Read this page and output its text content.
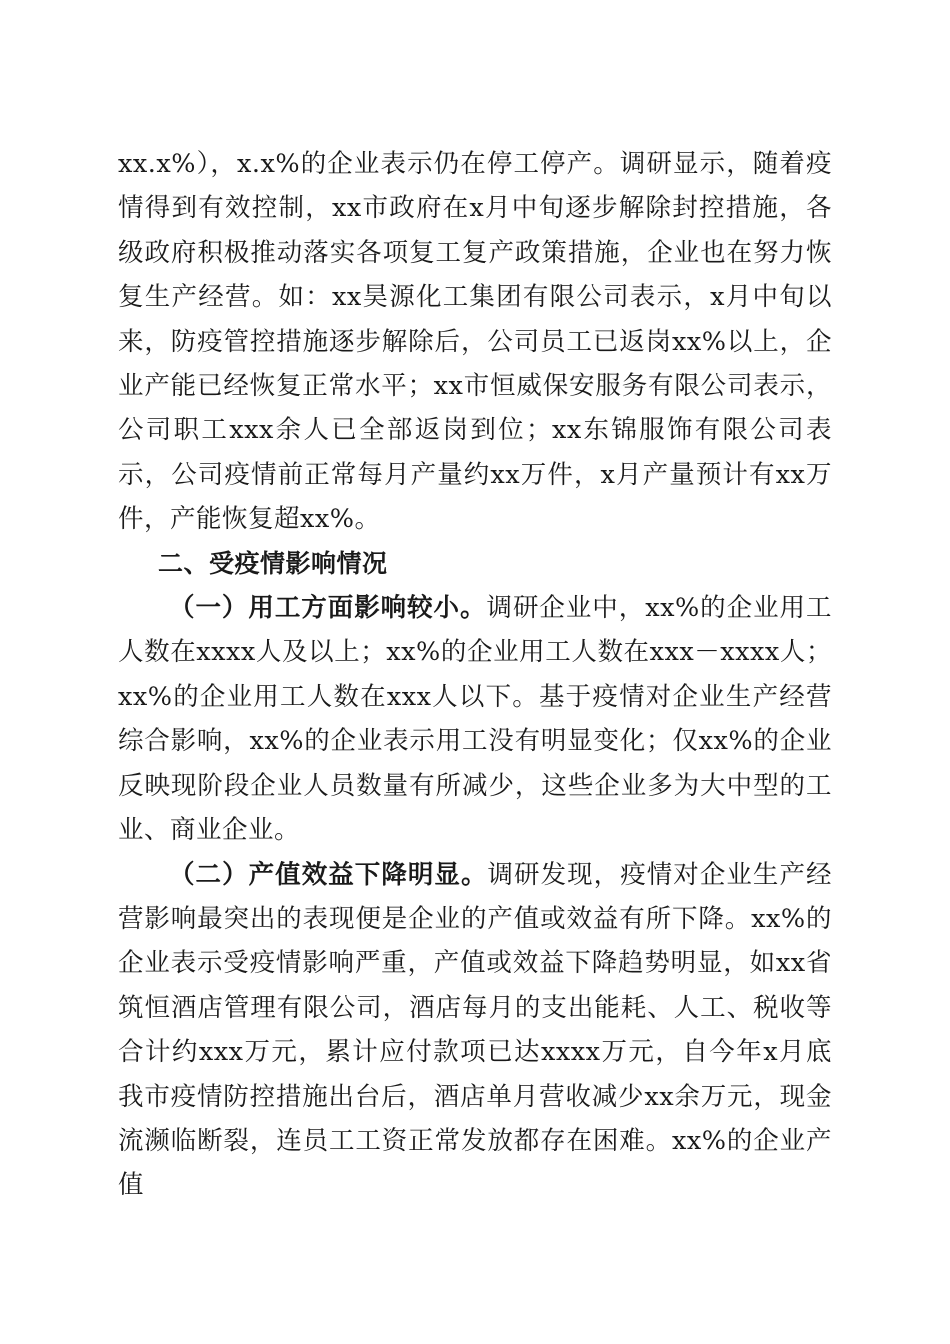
xx.x%），x.x%的企业表示仍在停工停产。调研显示，随着疫情得到有效控制，xx市政府在x月中旬逐步解除封控措施，各级政府积极推动落实各项复工复产政策措施，企业也在努力恢复生产经营。如：xx昊源化工集团有限公司表示，x月中旬以来，防疫管控措施逐步解除后，公司员工已返岗xx%以上，企业产能已经恢复正常水平；xx市恒威保安服务有限公司表示，公司职工xxx余人已全部返岗到位；xx东锦服饰有限公司表示，公司疫情前正常每月产量约xx万件，x月产量预计有xx万件，产能恢复超xx%。

二、受疫情影响情况

（一）用工方面影响较小。调研企业中，xx%的企业用工人数在xxxx人及以上；xx%的企业用工人数在xxx－xxxx人；xx%的企业用工人数在xxx人以下。基于疫情对企业生产经营综合影响，xx%的企业表示用工没有明显变化；仅xx%的企业反映现阶段企业人员数量有所减少，这些企业多为大中型的工业、商业企业。

（二）产值效益下降明显。调研发现，疫情对企业生产经营影响最突出的表现便是企业的产值或效益有所下降。xx%的企业表示受疫情影响严重，产值或效益下降趋势明显，如xx省筑恒酒店管理有限公司，酒店每月的支出能耗、人工、税收等合计约xxx万元，累计应付款项已达xxxx万元，自今年x月底我市疫情防控措施出台后，酒店单月营收减少xx余万元，现金流濒临断裂，连员工工资正常发放都存在困难。xx%的企业产值
